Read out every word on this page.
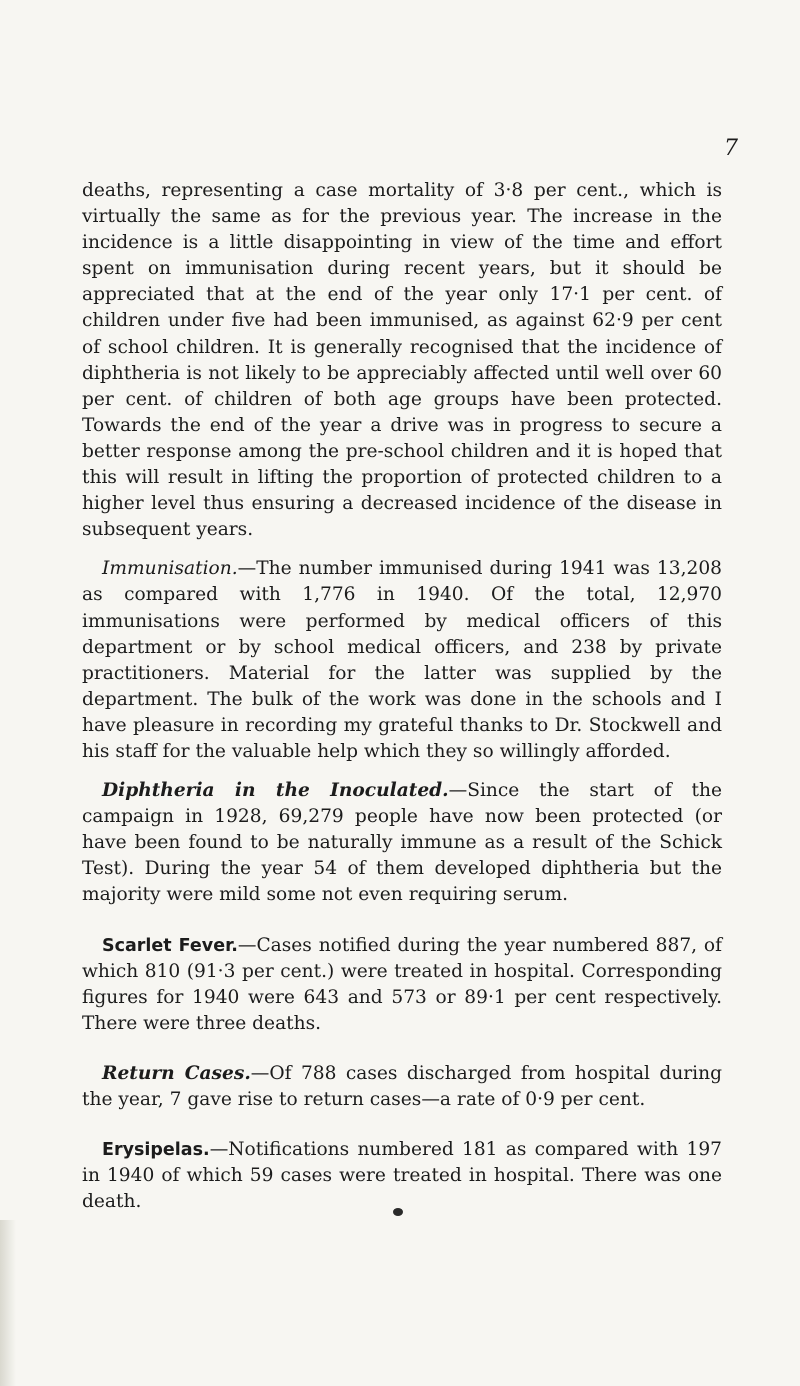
7

deaths, representing a case mortality of 3·8 per cent., which is virtually the same as for the previous year. The increase in the incidence is a little disappointing in view of the time and effort spent on immunisation during recent years, but it should be appreciated that at the end of the year only 17·1 per cent. of children under five had been immunised, as against 62·9 per cent of school children. It is generally recognised that the incidence of diphtheria is not likely to be appreciably affected until well over 60 per cent. of children of both age groups have been protected. Towards the end of the year a drive was in progress to secure a better response among the pre-school children and it is hoped that this will result in lifting the proportion of protected children to a higher level thus ensuring a decreased incidence of the disease in subsequent years.

Immunisation.—The number immunised during 1941 was 13,208 as compared with 1,776 in 1940. Of the total, 12,970 immunisations were performed by medical officers of this department or by school medical officers, and 238 by private practitioners. Material for the latter was supplied by the department. The bulk of the work was done in the schools and I have pleasure in recording my grateful thanks to Dr. Stockwell and his staff for the valuable help which they so willingly afforded.

Diphtheria in the Inoculated.—Since the start of the campaign in 1928, 69,279 people have now been protected (or have been found to be naturally immune as a result of the Schick Test). During the year 54 of them developed diphtheria but the majority were mild some not even requiring serum.

Scarlet Fever.—Cases notified during the year numbered 887, of which 810 (91·3 per cent.) were treated in hospital. Corresponding figures for 1940 were 643 and 573 or 89·1 per cent respectively. There were three deaths.

Return Cases.—Of 788 cases discharged from hospital during the year, 7 gave rise to return cases—a rate of 0·9 per cent.

Erysipelas.—Notifications numbered 181 as compared with 197 in 1940 of which 59 cases were treated in hospital. There was one death.
